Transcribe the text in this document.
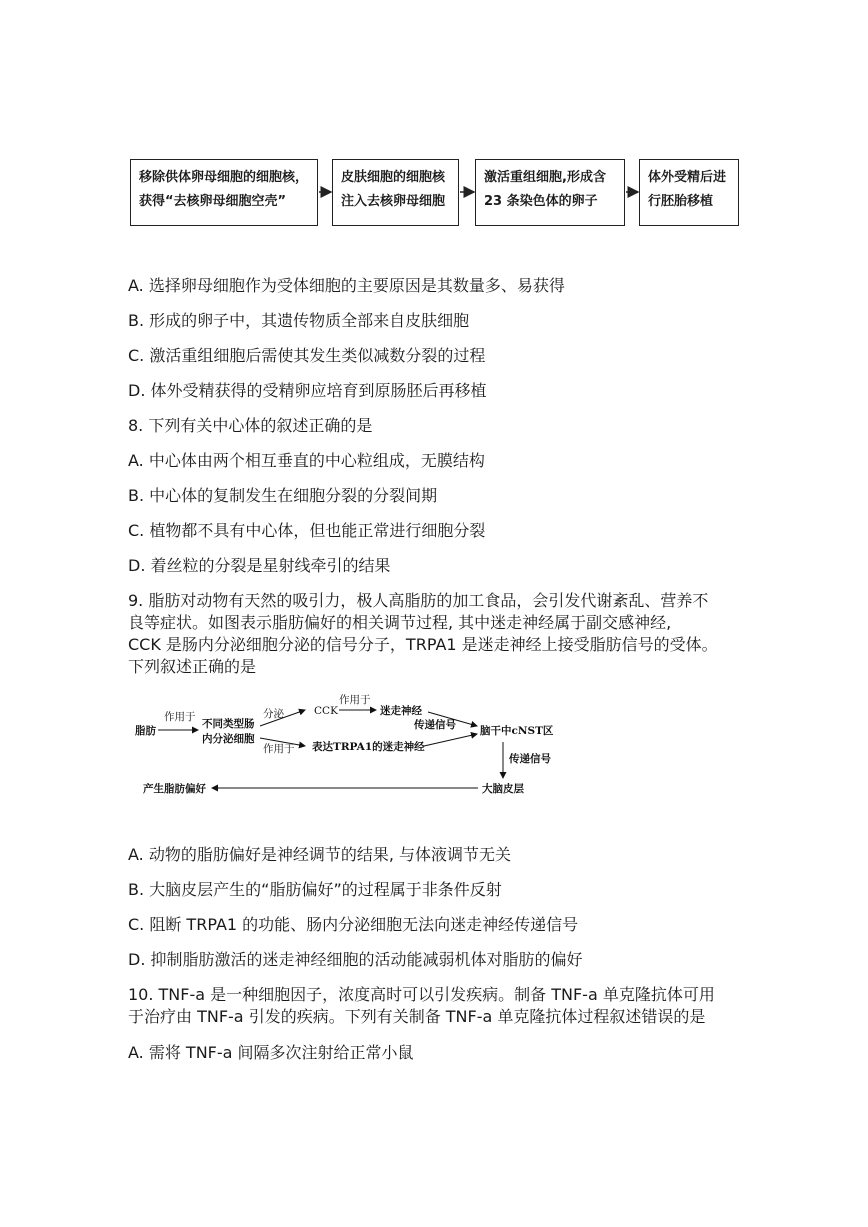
移除供体卵母细胞的细胞核，
获得“去核卵母细胞空壳”
皮肤细胞的细胞核
注入去核卵母细胞
激活重组细胞,形成含
23 条染色体的卵子
体外受精后进
行胚胎移植
A. 选择卵母细胞作为受体细胞的主要原因是其数量多、易获得
B. 形成的卵子中，其遗传物质全部来自皮肤细胞
C. 激活重组细胞后需使其发生类似减数分裂的过程
D. 体外受精获得的受精卵应培育到原肠胚后再移植
8. 下列有关中心体的叙述正确的是
A. 中心体由两个相互垂直的中心粒组成，无膜结构
B. 中心体的复制发生在细胞分裂的分裂间期
C. 植物都不具有中心体，但也能正常进行细胞分裂
D. 着丝粒的分裂是星射线牵引的结果
9. 脂肪对动物有天然的吸引力，极人高脂肪的加工食品，会引发代谢紊乱、营养不
良等症状。如图表示脂肪偏好的相关调节过程, 其中迷走神经属于副交感神经,
CCK 是肠内分泌细胞分泌的信号分子，TRPA1 是迷走神经上接受脂肪信号的受体。
下列叙述正确的是
脂肪
作用于
不同类型肠
内分泌细胞
分泌	CCK
作用于
迷走神经
传递信号
作用于 表达TRPA1的迷走神经
脑干中cNST区
传递信号
大脑皮层
产生脂肪偏好
A. 动物的脂肪偏好是神经调节的结果, 与体液调节无关
B. 大脑皮层产生的“脂肪偏好”的过程属于非条件反射
C. 阻断 TRPA1 的功能、肠内分泌细胞无法向迷走神经传递信号
D. 抑制脂肪激活的迷走神经细胞的活动能减弱机体对脂肪的偏好
10. TNF-a 是一种细胞因子，浓度高时可以引发疾病。制备 TNF-a 单克隆抗体可用
于治疗由 TNF-a 引发的疾病。下列有关制备 TNF-a 单克隆抗体过程叙述错误的是
A. 需将 TNF-a 间隔多次注射给正常小鼠
